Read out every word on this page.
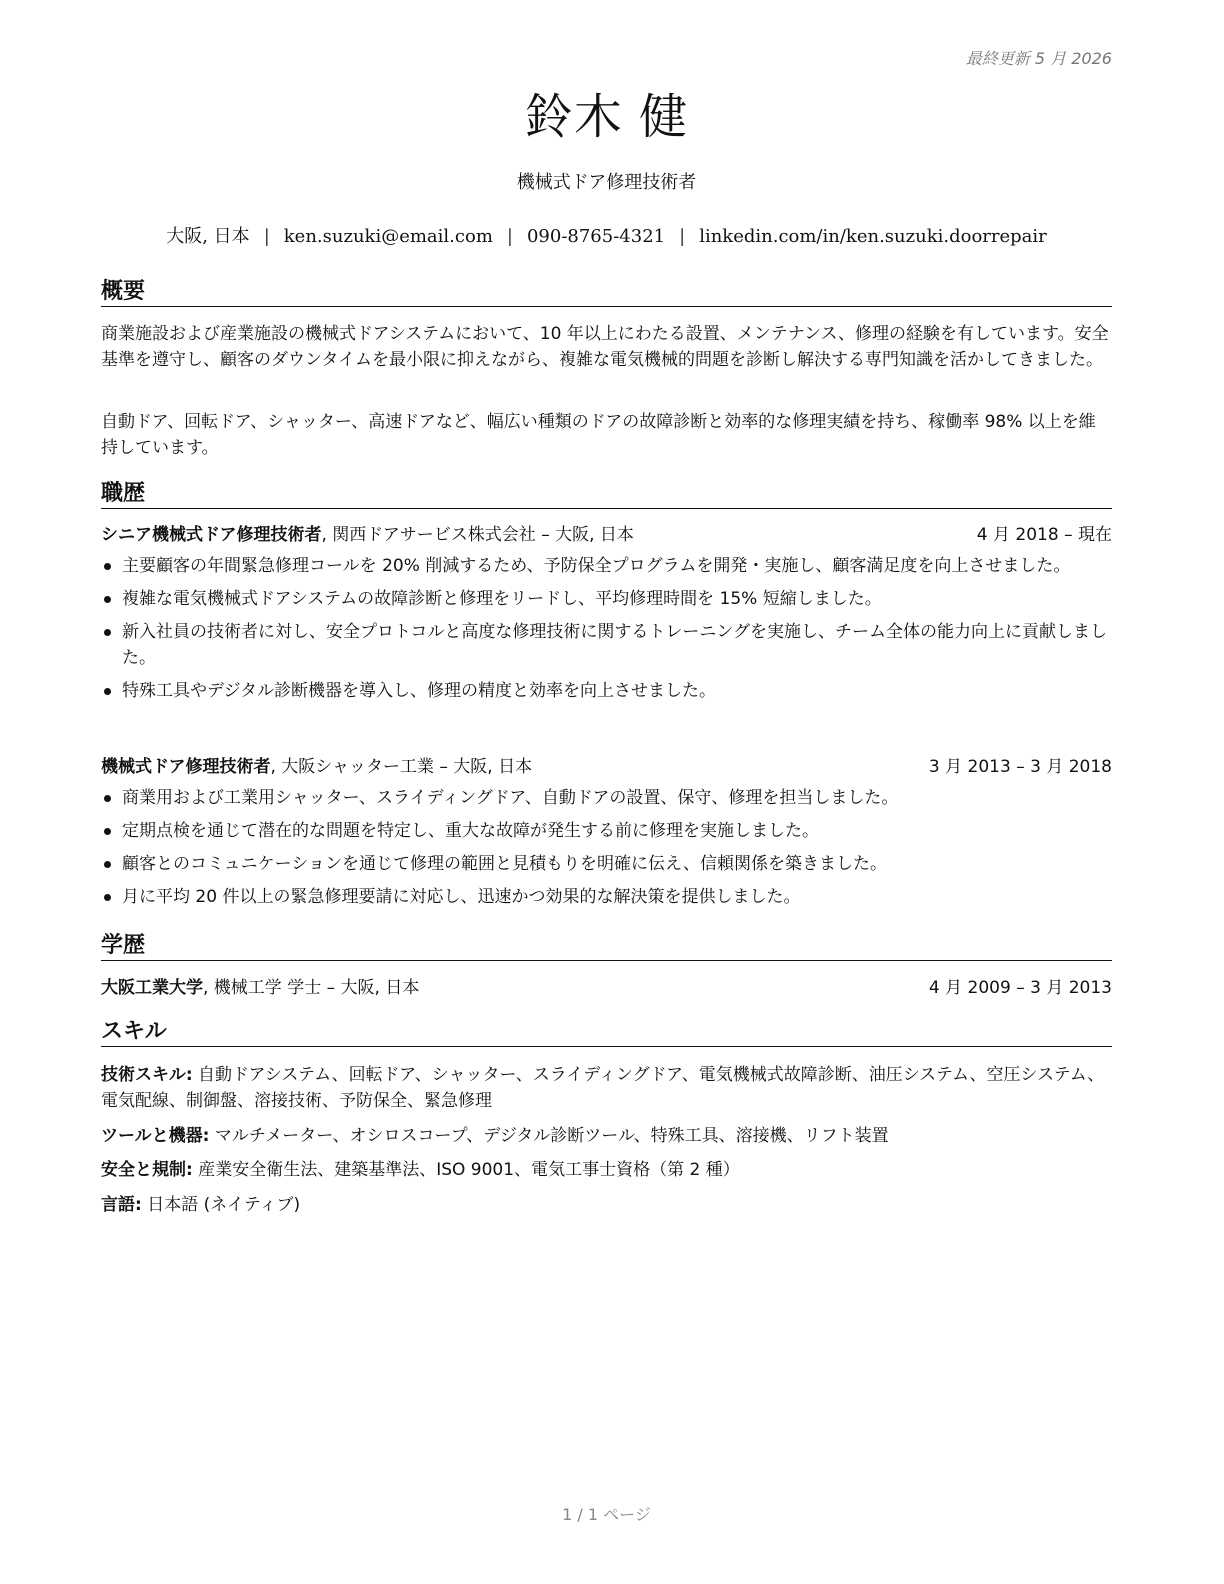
最終更新 5 月 2026
鈴木 健
機械式ドア修理技術者
大阪, 日本 | ken.suzuki@email.com | 090-8765-4321 | linkedin.com/in/ken.suzuki.doorrepair
概要

商業施設および産業施設の機械式ドアシステムにおいて、10 年以上にわたる設置、メンテナンス、修理の経験を有しています。安全基準を遵守し、顧客のダウンタイムを最小限に抑えながら、複雑な電気機械的問題を診断し解決する専門知識を活かしてきました。

自動ドア、回転ドア、シャッター、高速ドアなど、幅広い種類のドアの故障診断と効率的な修理実績を持ち、稼働率 98% 以上を維持しています。

職歴
シニア機械式ドア修理技術者, 関西ドアサービス株式会社 – 大阪, 日本	4 月 2018 – 現在
主要顧客の年間緊急修理コールを 20% 削減するため、予防保全プログラムを開発・実施し、顧客満足度を向上させました。
複雑な電気機械式ドアシステムの故障診断と修理をリードし、平均修理時間を 15% 短縮しました。
新入社員の技術者に対し、安全プロトコルと高度な修理技術に関するトレーニングを実施し、チーム全体の能力向上に貢献しました。
特殊工具やデジタル診断機器を導入し、修理の精度と効率を向上させました。
機械式ドア修理技術者, 大阪シャッター工業 – 大阪, 日本	3 月 2013 – 3 月 2018
商業用および工業用シャッター、スライディングドア、自動ドアの設置、保守、修理を担当しました。
定期点検を通じて潜在的な問題を特定し、重大な故障が発生する前に修理を実施しました。
顧客とのコミュニケーションを通じて修理の範囲と見積もりを明確に伝え、信頼関係を築きました。
月に平均 20 件以上の緊急修理要請に対応し、迅速かつ効果的な解決策を提供しました。
学歴
大阪工業大学, 機械工学 学士 – 大阪, 日本	4 月 2009 – 3 月 2013
スキル
技術スキル: 自動ドアシステム、回転ドア、シャッター、スライディングドア、電気機械式故障診断、油圧システム、空圧システム、電気配線、制御盤、溶接技術、予防保全、緊急修理
ツールと機器: マルチメーター、オシロスコープ、デジタル診断ツール、特殊工具、溶接機、リフト装置
安全と規制: 産業安全衛生法、建築基準法、ISO 9001、電気工事士資格（第 2 種）
言語: 日本語 (ネイティブ)
1 / 1 ページ
